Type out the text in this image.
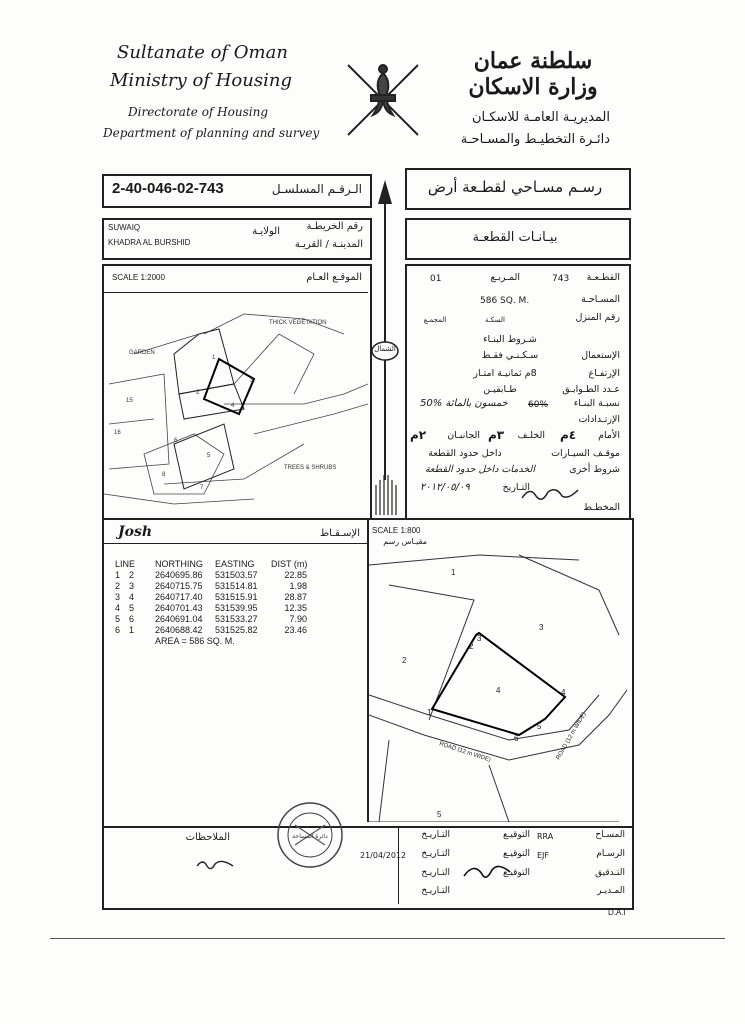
Sultanate of Oman
Ministry of Housing
Directorate of Housing
Department of planning and survey
سلطنة عمان وزارة الاسكان
المديريـة العامـة للاسكـان
دائـرة التخطيـط والمسـاحـة
2-40-046-02-743	الـرقـم المسلسـل	رسـم مسـاحي لقطـعة أرض
SUWAIQ
KHADRA AL BURSHID
رقم الخريطـة
الولايـة
المدينـة / القريـة	بيـانـات القطعـة
الشمال
SCALE 1:2000	الموقـع العـام
GARDEN
THICK VEGETATION
TREES & SHRUBS
1
2
3
4
5
6
7
8
15
16
01	المـربـع	743	القطـعـة
586 SQ. M.	المسـاحـة
المجمـع	السكـة	رقم المنزل
شـروط البنـاء
سـكـنـي فقـط	الإستعمال
8م ثمانيـة امتـار	الإرتفـاع
طـابقيـن	عـدد الطـوابـق
50% خمسون بالمائة 60%	نسبـة البنـاء
الإرتـدادات
٢م	الجانبـان ٣م	الخلـف ٤م	الأمام
داخل حدود القطعة	موقـف السيـارات
الخدمات داخل حدود القطعة	شروط أخرى
٢٠١٢/٠٥/٠٩	التـاريخ
المخطـط
Josh	الإسـقـاط
LINE NORTHING EASTING DIST (m)
1 2 2640695.86 531503.57	22.85
2 3 2640715.75 531514.81	1.98
3 4 2640717.40 531515.91	28.87
4 5 2640701.43 531539.95	12.35
5 6 2640691.04 531533.27	7.90
6 1 2640688.42 531525.82	23.46
AREA = 586 SQ. M.
SCALE 1:800
مقيـاس رسم
1
2
3
4
5
6
1
2
3
4
5
ROAD (12 m WIDE)	ROAD (12 m WIDE)
الملاحظات	دائرة المساحة	التـاريـخ	التوقيـع RRA	المسـاح
21/04/2012	التـاريـخ	التوقيـع EJF	الرسـام
التـاريـخ	التوقيـع	التـدقيق
التـاريـخ	المـديـر
D.A.I
